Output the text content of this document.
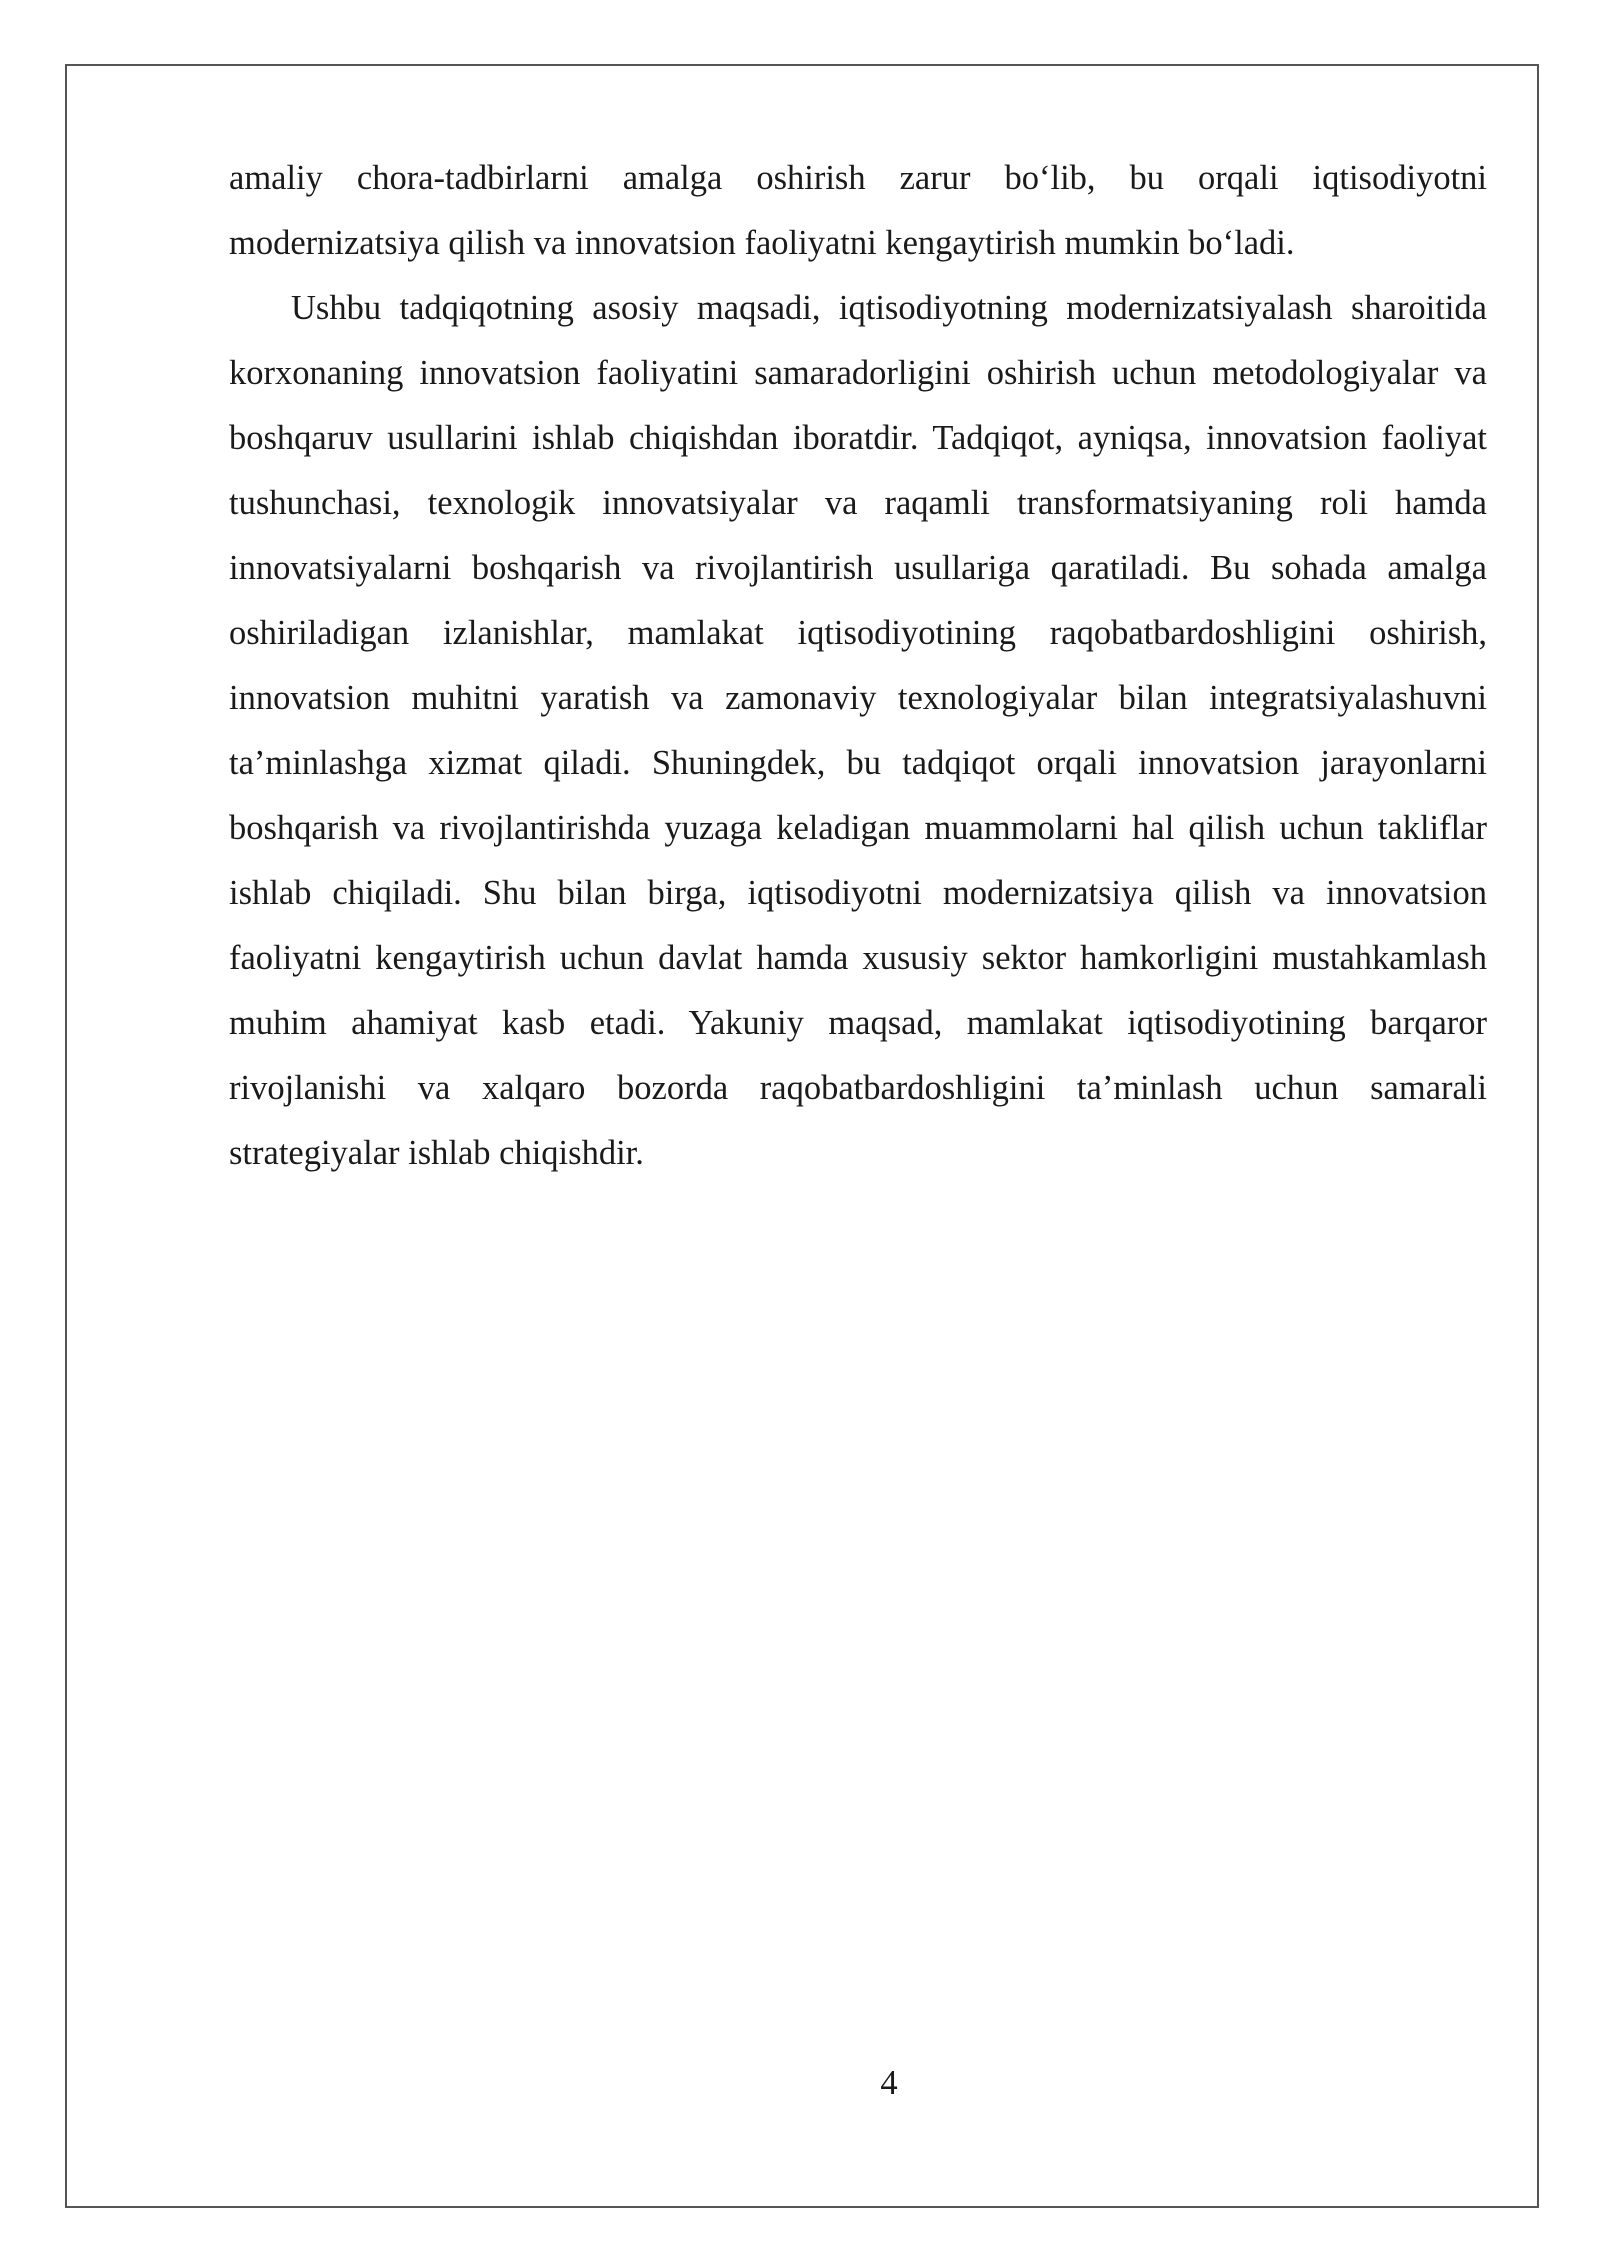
amaliy chora-tadbirlarni amalga oshirish zarur bo‘lib, bu orqali iqtisodiyotni modernizatsiya qilish va innovatsion faoliyatni kengaytirish mumkin bo‘ladi.

Ushbu tadqiqotning asosiy maqsadi, iqtisodiyotning modernizatsiyalash sharoitida korxonaning innovatsion faoliyatini samaradorligini oshirish uchun metodologiyalar va boshqaruv usullarini ishlab chiqishdan iboratdir. Tadqiqot, ayniqsa, innovatsion faoliyat tushunchasi, texnologik innovatsiyalar va raqamli transformatsiyaning roli hamda innovatsiyalarni boshqarish va rivojlantirish usullariga qaratiladi. Bu sohada amalga oshiriladigan izlanishlar, mamlakat iqtisodiyotining raqobatbardoshligini oshirish, innovatsion muhitni yaratish va zamonaviy texnologiyalar bilan integratsiyalashuvni ta’minlashga xizmat qiladi. Shuningdek, bu tadqiqot orqali innovatsion jarayonlarni boshqarish va rivojlantirishda yuzaga keladigan muammolarni hal qilish uchun takliflar ishlab chiqiladi. Shu bilan birga, iqtisodiyotni modernizatsiya qilish va innovatsion faoliyatni kengaytirish uchun davlat hamda xususiy sektor hamkorligini mustahkamlash muhim ahamiyat kasb etadi. Yakuniy maqsad, mamlakat iqtisodiyotining barqaror rivojlanishi va xalqaro bozorda raqobatbardoshligini ta’minlash uchun samarali strategiyalar ishlab chiqishdir.

4
